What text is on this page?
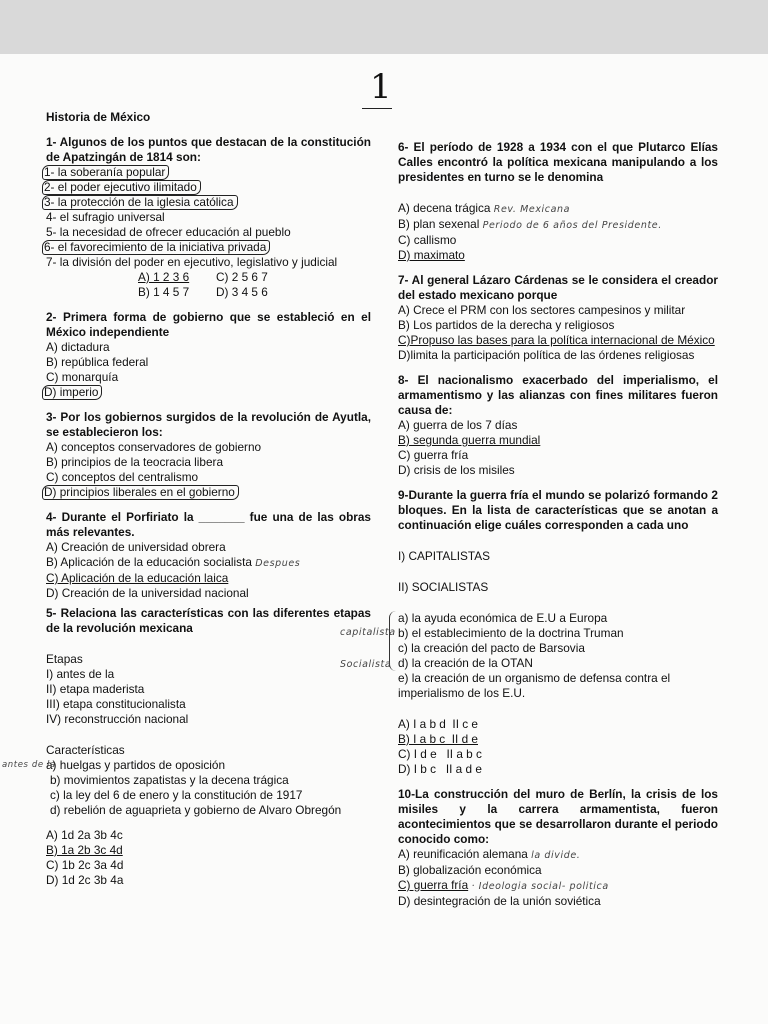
1
Historia de México
1- Algunos de los puntos que destacan de la constitución de Apatzingán de 1814 son:
1- la soberanía popular
2- el poder ejecutivo ilimitado
3- la protección de la iglesia católica
4- el sufragio universal
5- la necesidad de ofrecer educación al pueblo
6- el favorecimiento de la iniciativa privada
7- la división del poder en ejecutivo, legislativo y judicial
A) 1 2 3 6	C) 2 5 6 7
B) 1 4 5 7	D) 3 4 5 6
2- Primera forma de gobierno que se estableció en el México independiente
A) dictadura
B) república federal
C) monarquía
D) imperio
3- Por los gobiernos surgidos de la revolución de Ayutla, se establecieron los:
A) conceptos conservadores de gobierno
B) principios de la teocracia libera
C) conceptos del centralismo
D) principios liberales en el gobierno
4- Durante el Porfiriato la _______ fue una de las obras más relevantes.
A) Creación de universidad obrera
B) Aplicación de la educación socialista Despues
C) Aplicación de la educación laica
D) Creación de la universidad nacional
5- Relaciona las características con las diferentes etapas de la revolución mexicana
Etapas
I) antes de la
II) etapa maderista
III) etapa constitucionalista
IV) reconstrucción nacional
Características
antes de la
a) huelgas y partidos de oposición
b) movimientos zapatistas y la decena trágica
c) la ley del 6 de enero y la constitución de 1917
d) rebelión de aguaprieta y gobierno de Alvaro Obregón
A) 1d 2a 3b 4c
B) 1a 2b 3c 4d
C) 1b 2c 3a 4d
D) 1d 2c 3b 4a
6- El período de 1928 a 1934 con el que Plutarco Elías Calles encontró la política mexicana manipulando a los presidentes en turno se le denomina
A) decena trágica Rev. Mexicana
B) plan sexenal Periodo de 6 años del Presidente.
C) callismo
D) maximato
7- Al general Lázaro Cárdenas se le considera el creador del estado mexicano porque
A) Crece el PRM con los sectores campesinos y militar
B) Los partidos de la derecha y religiosos
C)Propuso las bases para la política internacional de México
D)limita la participación política de las órdenes religiosas
8- El nacionalismo exacerbado del imperialismo, el armamentismo y las alianzas con fines militares fueron causa de:
A) guerra de los 7 días
B) segunda guerra mundial
C) guerra fría
D) crisis de los misiles
9-Durante la guerra fría el mundo se polarizó formando 2 bloques. En la lista de características que se anotan a continuación elige cuáles corresponden a cada uno
I) CAPITALISTAS
II) SOCIALISTAS
capitalista
Socialista
a) la ayuda económica de E.U a Europa
b) el establecimiento de la doctrina Truman
c) la creación del pacto de Barsovia
d) la creación de la OTAN
e) la creación de un organismo de defensa contra el imperialismo de los E.U.
A) I a b d  II c e
B) I a b c  II d e
C) I d e   II a b c
D) I b c   II a d e
10-La construcción del muro de Berlín, la crisis de los misiles y la carrera armamentista, fueron acontecimientos que se desarrollaron durante el periodo conocido como:
A) reunificación alemana la divide.
B) globalización económica
C) guerra fría · Ideologia social- politica
D) desintegración de la unión soviética
